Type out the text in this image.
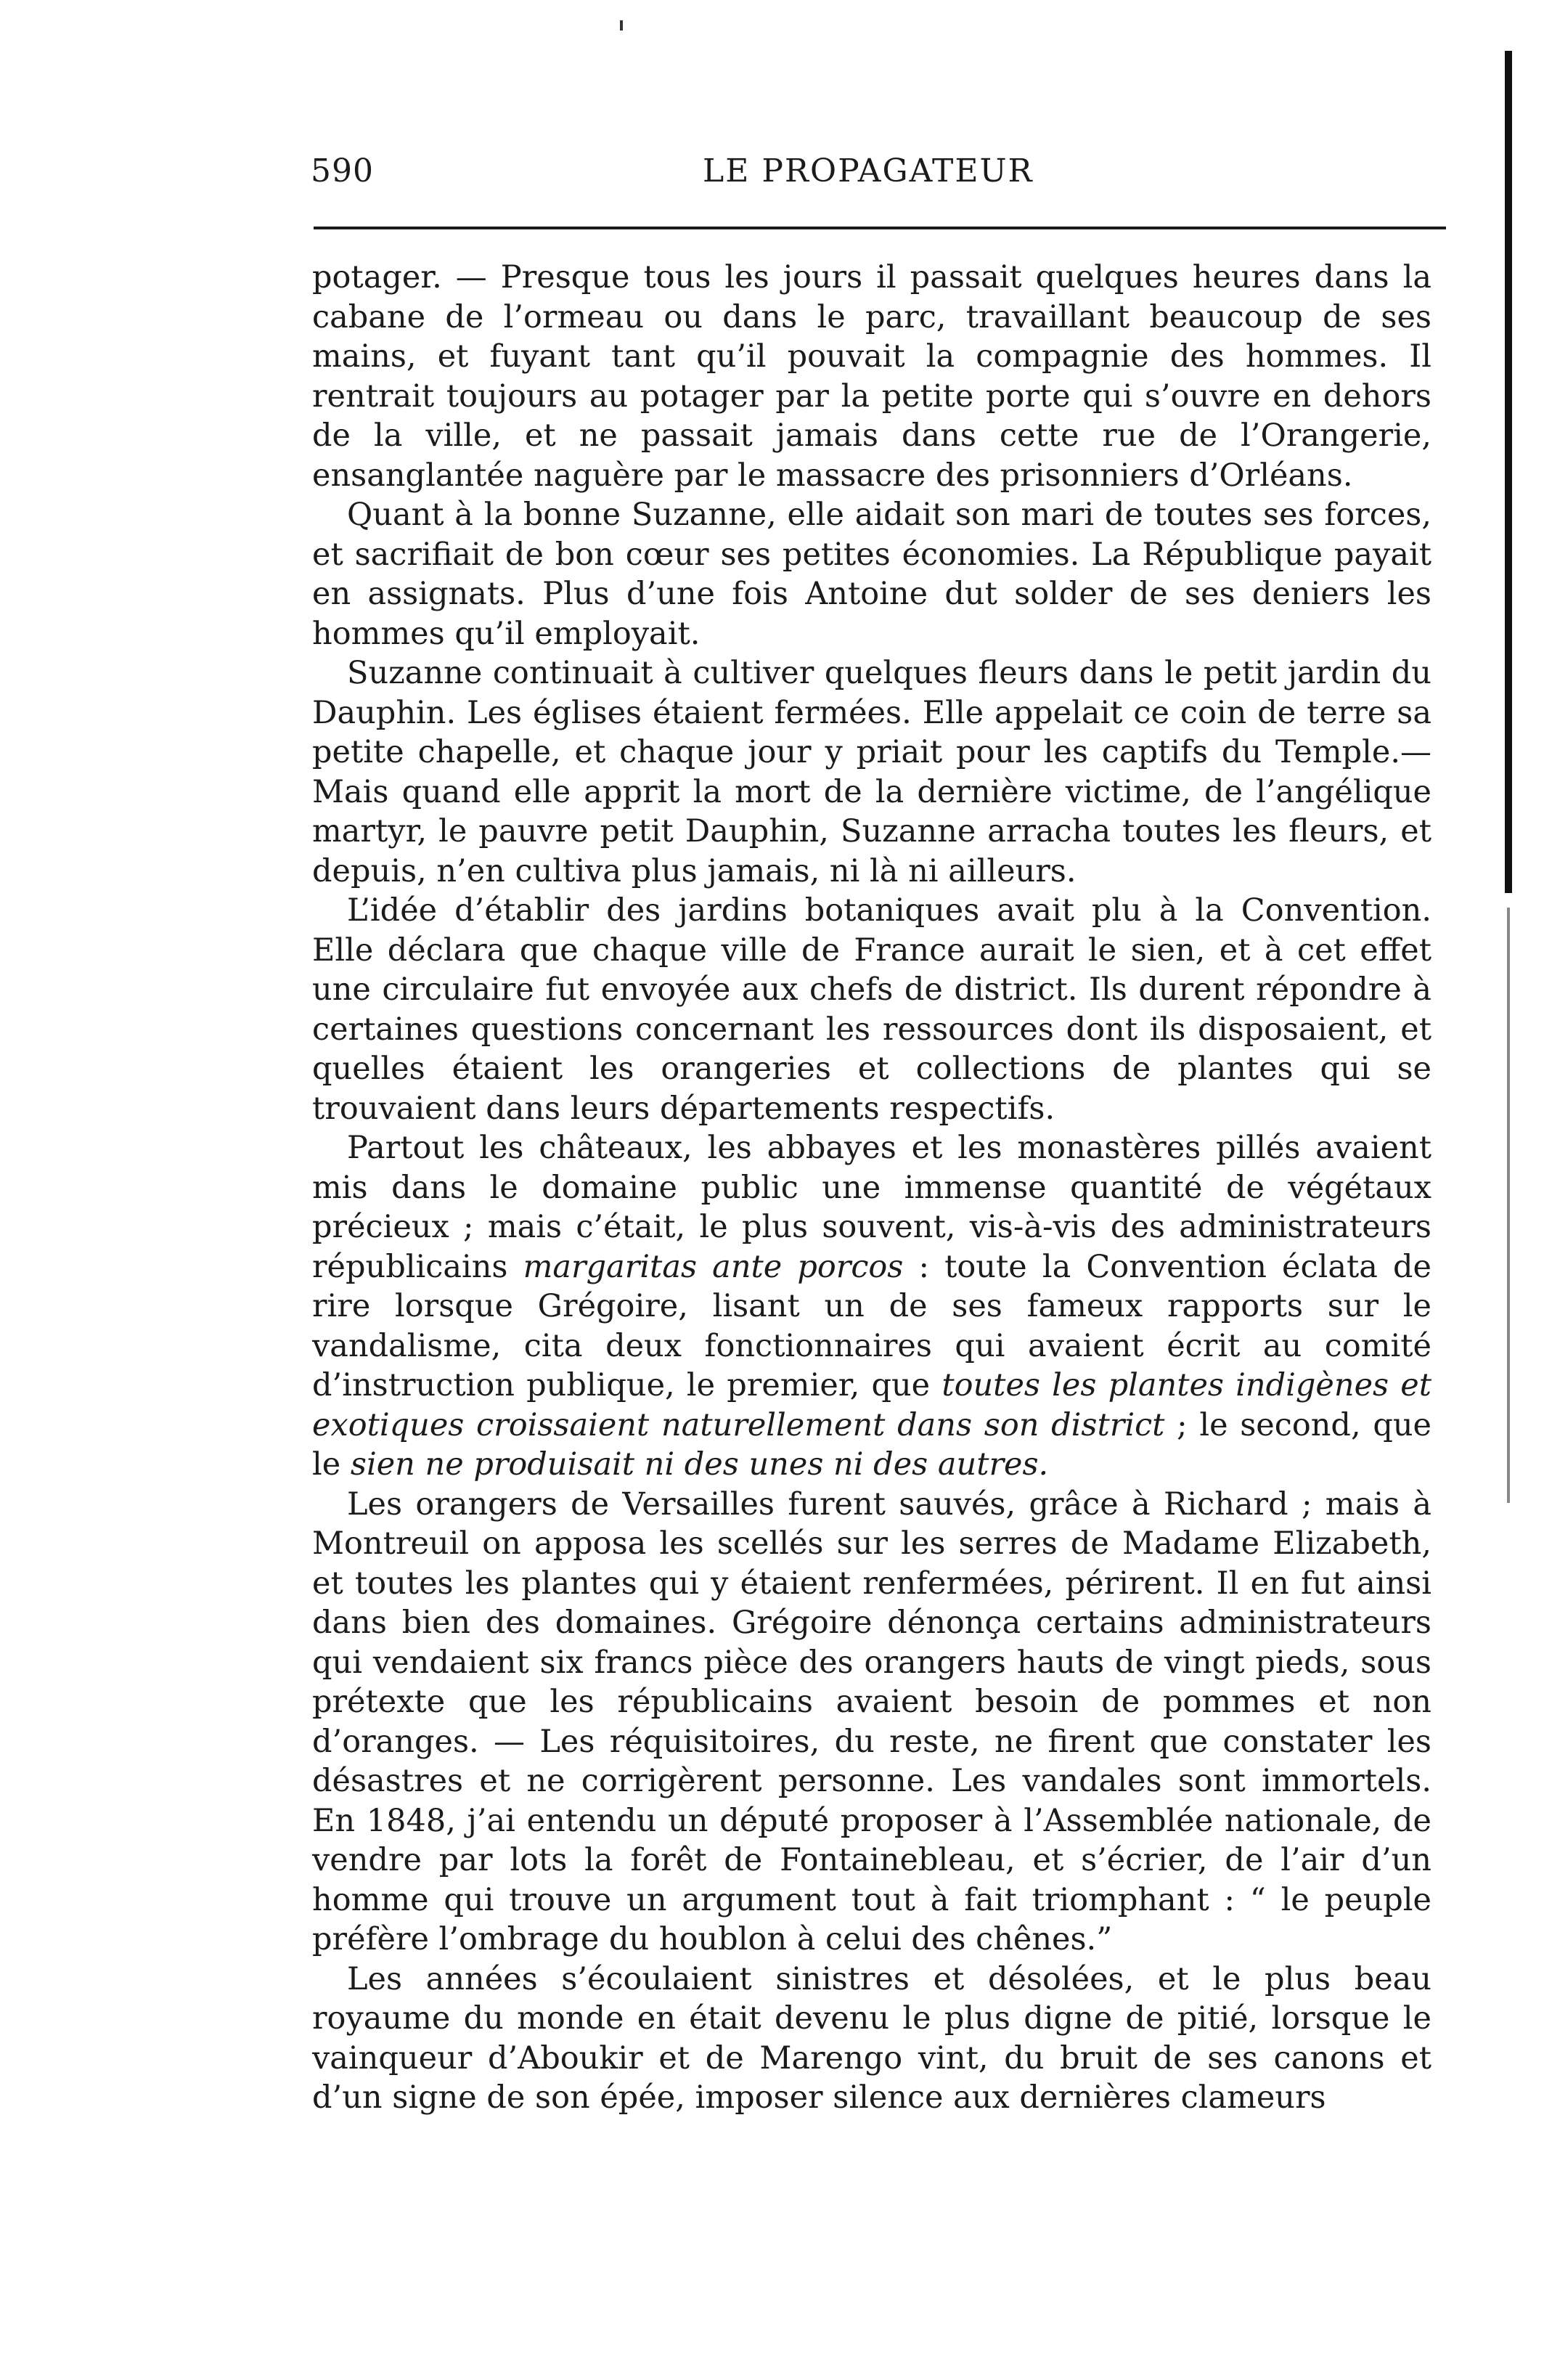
590	LE PROPAGATEUR

potager. — Presque tous les jours il passait quelques heures dans la cabane de l’ormeau ou dans le parc, travaillant beaucoup de ses mains, et fuyant tant qu’il pouvait la compagnie des hommes. Il rentrait toujours au potager par la petite porte qui s’ouvre en dehors de la ville, et ne passait jamais dans cette rue de l’Orangerie, ensanglantée naguère par le massacre des prisonniers d’Orléans.

Quant à la bonne Suzanne, elle aidait son mari de toutes ses forces, et sacrifiait de bon cœur ses petites économies. La République payait en assignats. Plus d’une fois Antoine dut solder de ses deniers les hommes qu’il employait.

Suzanne continuait à cultiver quelques fleurs dans le petit jardin du Dauphin. Les églises étaient fermées. Elle appelait ce coin de terre sa petite chapelle, et chaque jour y priait pour les captifs du Temple.—Mais quand elle apprit la mort de la dernière victime, de l’angélique martyr, le pauvre petit Dauphin, Suzanne arracha toutes les fleurs, et depuis, n’en cultiva plus jamais, ni là ni ailleurs.

L’idée d’établir des jardins botaniques avait plu à la Convention. Elle déclara que chaque ville de France aurait le sien, et à cet effet une circulaire fut envoyée aux chefs de district. Ils durent répondre à certaines questions concernant les ressources dont ils disposaient, et quelles étaient les orangeries et collections de plantes qui se trouvaient dans leurs départements respectifs.

Partout les châteaux, les abbayes et les monastères pillés avaient mis dans le domaine public une immense quantité de végétaux précieux ; mais c’était, le plus souvent, vis-à-vis des administrateurs républicains margaritas ante porcos : toute la Convention éclata de rire lorsque Grégoire, lisant un de ses fameux rapports sur le vandalisme, cita deux fonctionnaires qui avaient écrit au comité d’instruction publique, le premier, que toutes les plantes indigènes et exotiques croissaient naturellement dans son district ; le second, que le sien ne produisait ni des unes ni des autres.

Les orangers de Versailles furent sauvés, grâce à Richard ; mais à Montreuil on apposa les scellés sur les serres de Madame Elizabeth, et toutes les plantes qui y étaient renfermées, périrent. Il en fut ainsi dans bien des domaines. Grégoire dénonça certains administrateurs qui vendaient six francs pièce des orangers hauts de vingt pieds, sous prétexte que les républicains avaient besoin de pommes et non d’oranges. — Les réquisitoires, du reste, ne firent que constater les désastres et ne corrigèrent personne. Les vandales sont immortels. En 1848, j’ai entendu un député proposer à l’Assemblée nationale, de vendre par lots la forêt de Fontainebleau, et s’écrier, de l’air d’un homme qui trouve un argument tout à fait triomphant : “ le peuple préfère l’ombrage du houblon à celui des chênes.”

Les années s’écoulaient sinistres et désolées, et le plus beau royaume du monde en était devenu le plus digne de pitié, lorsque le vainqueur d’Aboukir et de Marengo vint, du bruit de ses canons et d’un signe de son épée, imposer silence aux dernières clameurs
